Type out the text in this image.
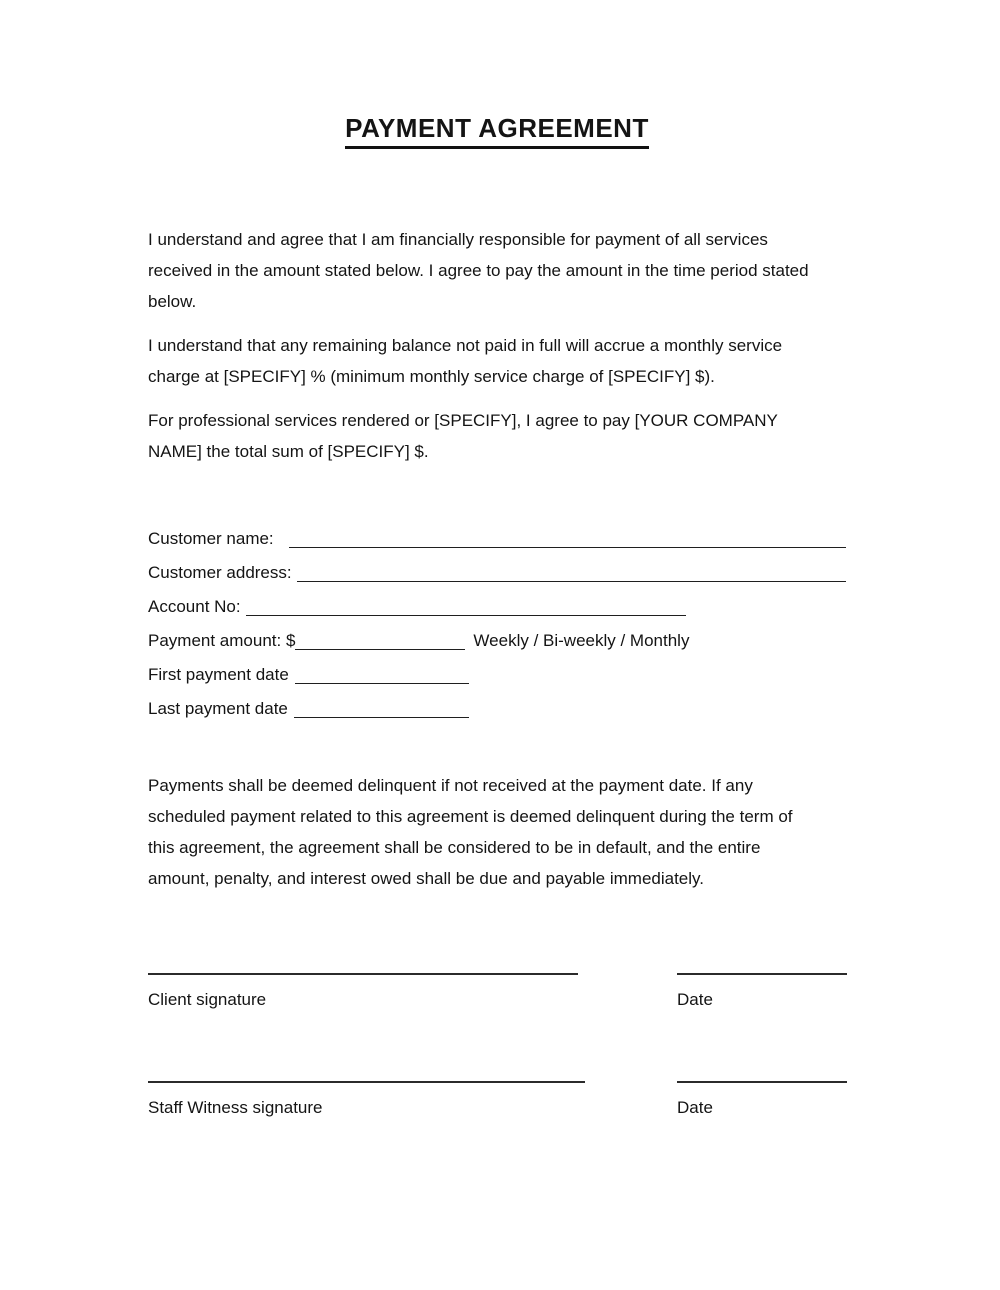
PAYMENT AGREEMENT
I understand and agree that I am financially responsible for payment of all services
received in the amount stated below. I agree to pay the amount in the time period stated
below.
I understand that any remaining balance not paid in full will accrue a monthly service
charge at [SPECIFY] % (minimum monthly service charge of [SPECIFY] $).
For professional services rendered or [SPECIFY], I agree to pay [YOUR COMPANY
NAME] the total sum of [SPECIFY] $.
Customer name:
Customer address:
Account No:
Payment amount: $	Weekly / Bi-weekly / Monthly
First payment date
Last payment date
Payments shall be deemed delinquent if not received at the payment date. If any
scheduled payment related to this agreement is deemed delinquent during the term of
this agreement, the agreement shall be considered to be in default, and the entire
amount, penalty, and interest owed shall be due and payable immediately.
Client signature	Date
Staff Witness signature	Date
